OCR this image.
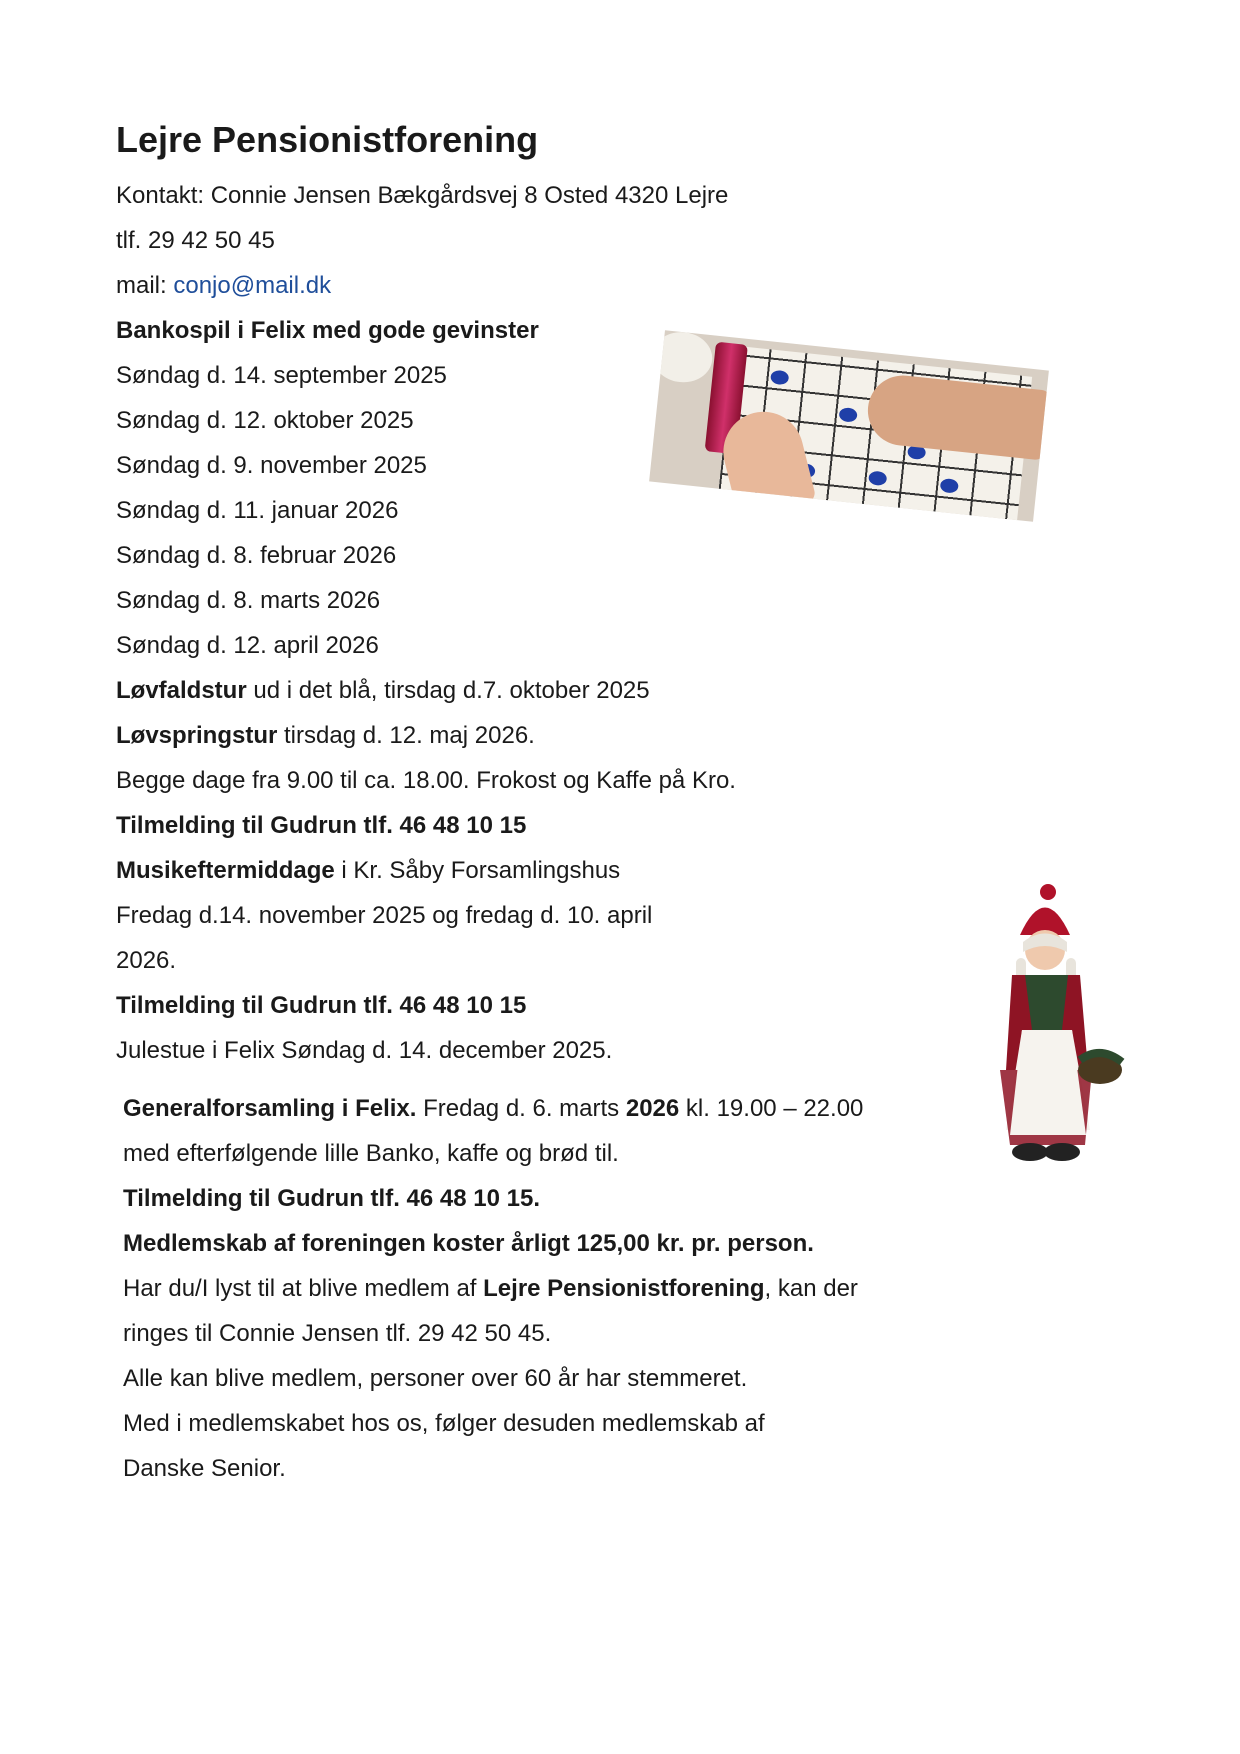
Lejre Pensionistforening
Kontakt: Connie Jensen Bækgårdsvej 8 Osted 4320 Lejre
tlf. 29 42 50 45
mail: conjo@mail.dk
Bankospil i Felix med gode gevinster
Søndag d. 14. september 2025
Søndag d. 12. oktober 2025
Søndag d. 9. november 2025
Søndag d. 11. januar 2026
Søndag d. 8. februar 2026
Søndag d. 8. marts 2026
Søndag d. 12. april 2026
Løvfaldstur ud i det blå, tirsdag d.7. oktober 2025
Løvspringstur tirsdag d. 12. maj 2026.
Begge dage fra 9.00 til ca. 18.00. Frokost og Kaffe på Kro.
Tilmelding til Gudrun tlf. 46 48 10 15
Musikeftermiddage i Kr. Såby Forsamlingshus
Fredag d.14. november 2025 og fredag d. 10. april
2026.
Tilmelding til Gudrun tlf. 46 48 10 15
Julestue i Felix Søndag d. 14. december 2025.
Generalforsamling i Felix. Fredag d. 6. marts 2026 kl. 19.00 – 22.00
med efterfølgende lille Banko, kaffe og brød til.
Tilmelding til Gudrun tlf. 46 48 10 15.
Medlemskab af foreningen koster årligt 125,00 kr. pr. person.
Har du/I lyst til at blive medlem af Lejre Pensionistforening, kan der
ringes til Connie Jensen tlf. 29 42 50 45.
Alle kan blive medlem, personer over 60 år har stemmeret.
Med i medlemskabet hos os, følger desuden medlemskab af
Danske Senior.
